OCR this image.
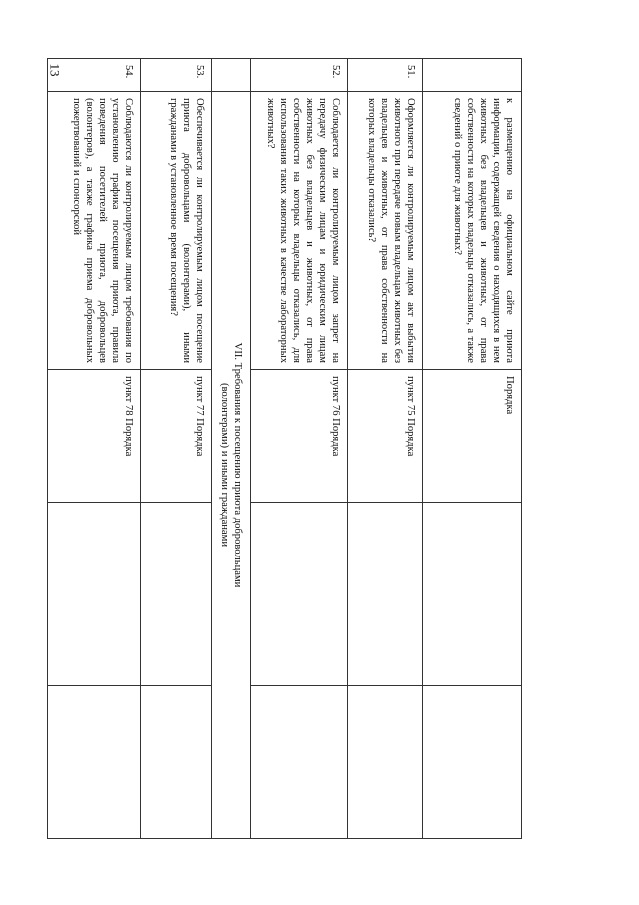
13
	к размещению на официальном сайте приюта информации, содержащей сведения о находящихся в нем животных без владельцев и животных, от права собственности на которых владельцы отказались, а также сведений о приюте для животных?	Порядка		
51.	Оформляется ли контролируемым лицом акт выбытия животного при передаче новым владельцам животных без владельцев и животных, от права собственности на которых владельцы отказались?	пункт 75 Порядка		
52.	Соблюдается ли контролируемым лицом запрет на передачу физическим лицам и юридическим лицам животных без владельцев и животных, от права собственности на которых владельцы отказались, для использования таких животных в качестве лабораторных животных?	пункт 76 Порядка		

	VII. Требования к посещению приюта добровольцами
(волонтерами) и иными гражданами			

53.	Обеспечивается ли контролируемым лицом посещение приюта добровольцами (волонтерами), иными гражданами в установленное время посещения?	пункт 77 Порядка		
54.	Соблюдаются ли контролируемым лицом требования по установлению графика посещения приюта, правила поведения посетителей приюта, добровольцев (волонтеров), а также графика приема добровольных пожертвований и спонсорской	пункт 78 Порядка		
